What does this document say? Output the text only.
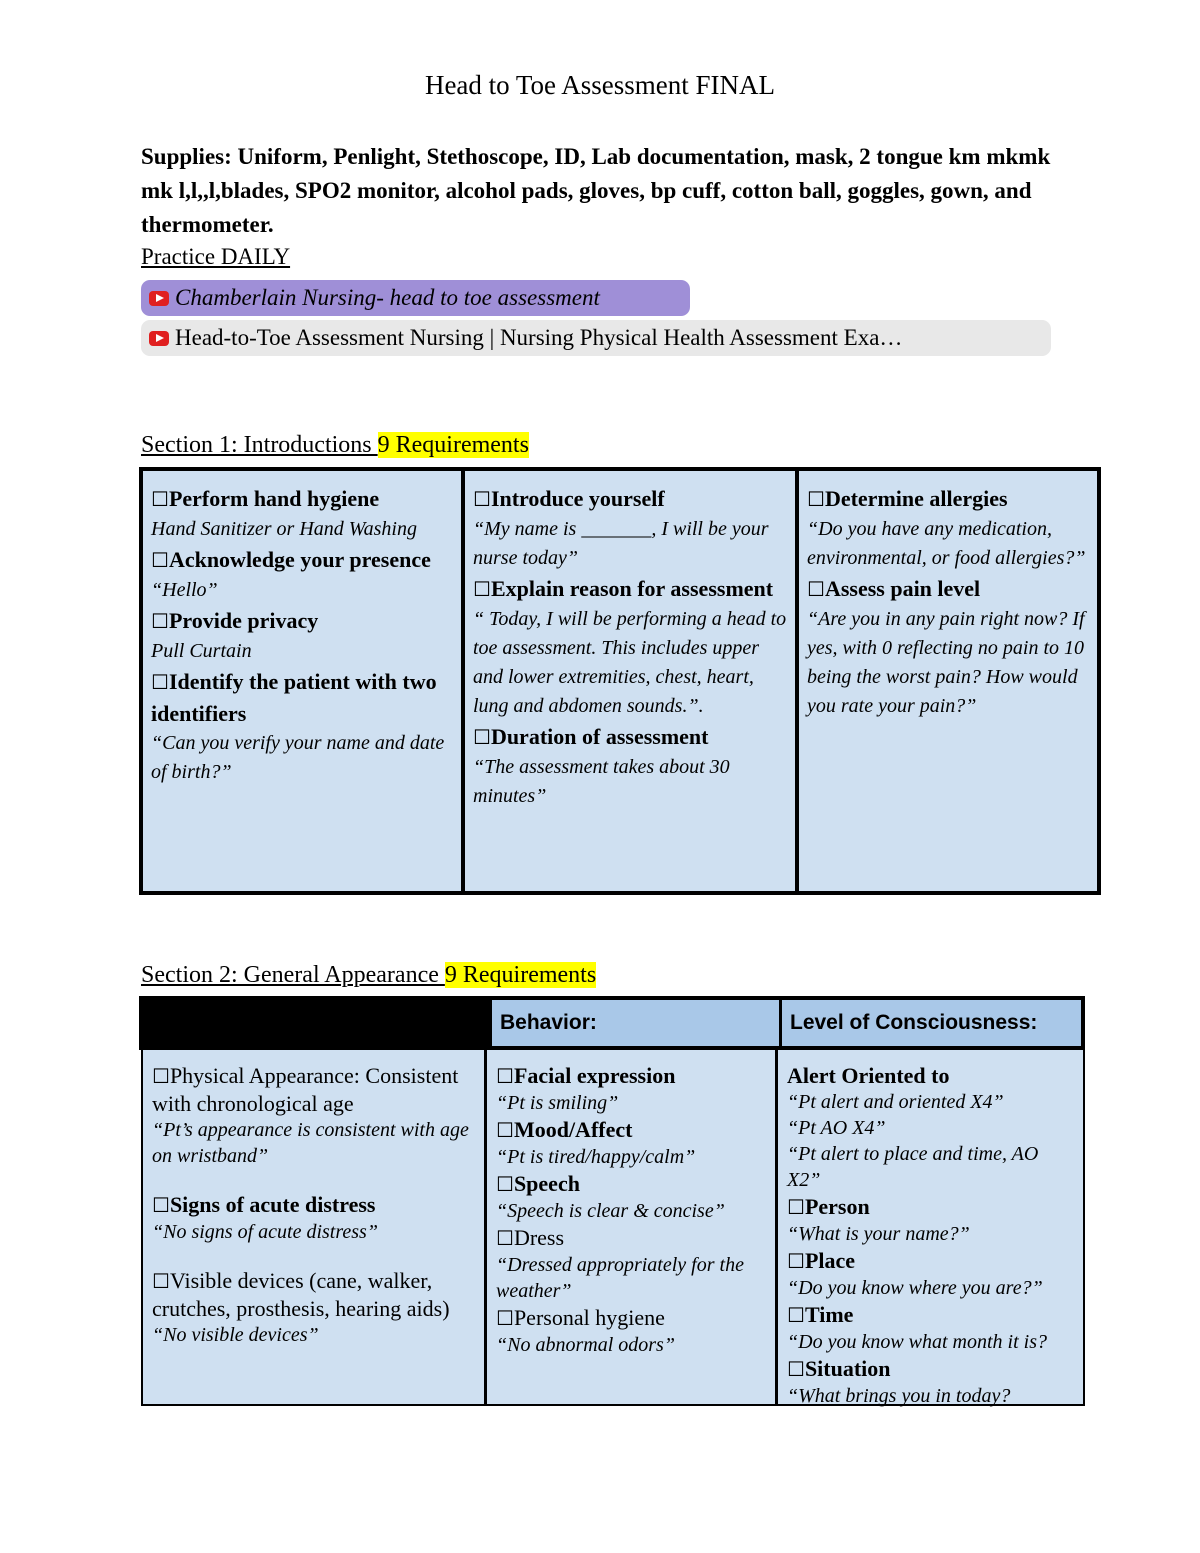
Head to Toe Assessment FINAL
Supplies: Uniform, Penlight, Stethoscope, ID, Lab documentation, mask, 2 tongue km mkmk mk l,l,,l,blades, SPO2 monitor, alcohol pads, gloves, bp cuff, cotton ball, goggles, gown, and thermometer.
Practice DAILY
Chamberlain Nursing- head to toe assessment
Head-to-Toe Assessment Nursing | Nursing Physical Health Assessment Exa…
Section 1: Introductions 9 Requirements
☐Perform hand hygiene
Hand Sanitizer or Hand Washing
☐Acknowledge your presence
“Hello”
☐Provide privacy
Pull Curtain
☐Identify the patient with two identifiers
“Can you verify your name and date of birth?”
☐Introduce yourself
“My name is _______, I will be your nurse today”
☐Explain reason for assessment
“ Today, I will be performing a head to toe assessment. This includes upper and lower extremities, chest, heart, lung and abdomen sounds.”.
☐Duration of assessment
“The assessment takes about 30 minutes”
☐Determine allergies
“Do you have any medication, environmental, or food allergies?”
☐Assess pain level
“Are you in any pain right now? If yes, with 0 reflecting no pain to 10 being the worst pain? How would you rate your pain?”
Section 2: General Appearance 9 Requirements
Behavior:	Level of Consciousness:
☐Physical Appearance: Consistent with chronological age
“Pt’s appearance is consistent with age on wristband”
☐Signs of acute distress
“No signs of acute distress”
☐Visible devices (cane, walker, crutches, prosthesis, hearing aids)
“No visible devices”
☐Facial expression
“Pt is smiling”
☐Mood/Affect
“Pt is tired/happy/calm”
☐Speech
“Speech is clear & concise”
☐Dress
“Dressed appropriately for the weather”
☐Personal hygiene
“No abnormal odors”
Alert Oriented to
“Pt alert and oriented X4”
“Pt AO X4”
“Pt alert to place and time, AO X2”
☐Person
“What is your name?”
☐Place
“Do you know where you are?”
☐Time
“Do you know what month it is?
☐Situation
“What brings you in today?
